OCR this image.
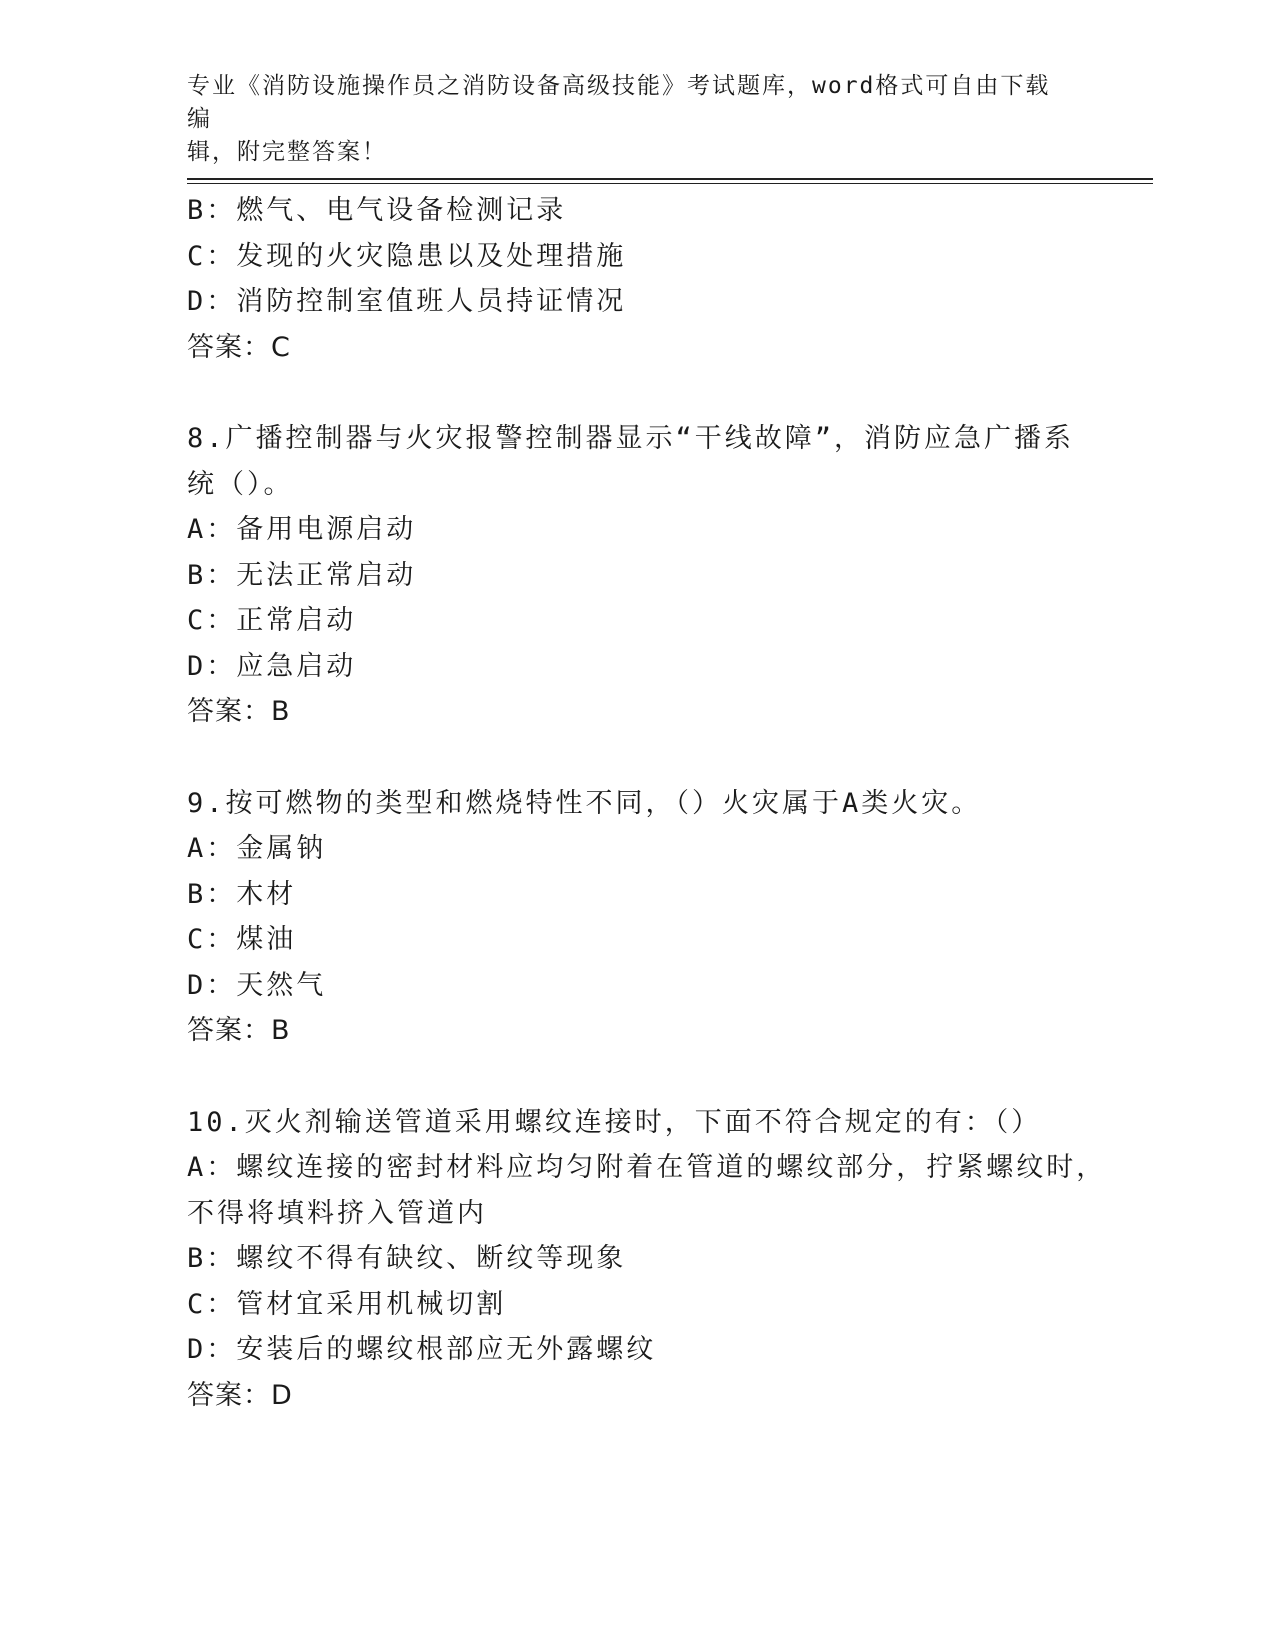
专业《消防设施操作员之消防设备高级技能》考试题库，word格式可自由下载编
辑，附完整答案！
B：燃气、电气设备检测记录
C：发现的火灾隐患以及处理措施
D：消防控制室值班人员持证情况
答案：C
8.广播控制器与火灾报警控制器显示“干线故障”，消防应急广播系
统（）。
A：备用电源启动
B：无法正常启动
C：正常启动
D：应急启动
答案：B
9.按可燃物的类型和燃烧特性不同，（）火灾属于A类火灾。
A：金属钠
B：木材
C：煤油
D：天然气
答案：B
10.灭火剂输送管道采用螺纹连接时，下面不符合规定的有：（）
A：螺纹连接的密封材料应均匀附着在管道的螺纹部分，拧紧螺纹时，
不得将填料挤入管道内
B：螺纹不得有缺纹、断纹等现象
C：管材宜采用机械切割
D：安装后的螺纹根部应无外露螺纹
答案：D
